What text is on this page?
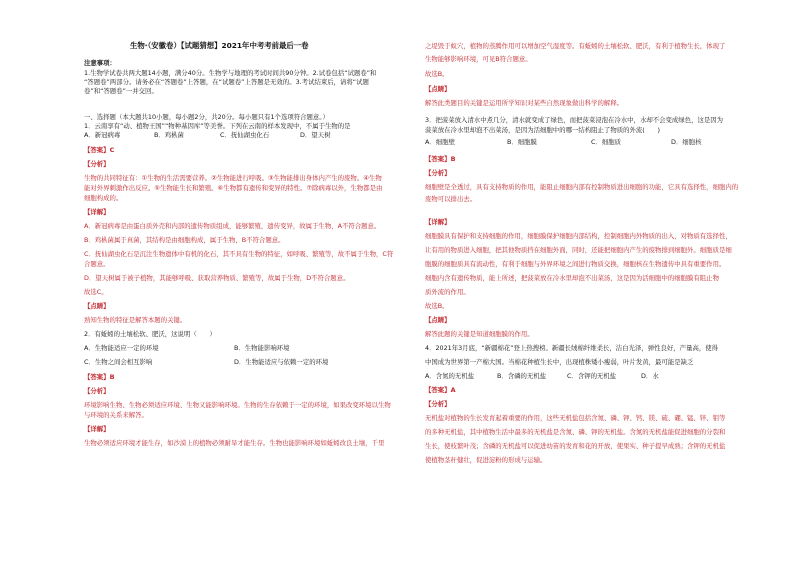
生物·（安徽卷）【试题猜想】2021年中考考前最后一卷
注意事项：
1.生物学试卷共两大题14小题，满分40分。生物学与地理的考试时间共90分钟。2.试卷包括“试题卷”和
“答题卷”两部分。请务必在“答题卷”上答题，在“试题卷”上答题是无效的。3.考试结束后，请将“试题
卷”和“答题卷”一并交回。
一、选择题（本大题共10小题，每小题2分，共20分。每小题只有1个选项符合题意。）
1．云南享有“动、植物王国”“物种基因库”等美誉。下列在云南的样本发现中，不属于生物的是
A．新冠病毒	B．鸡枞菌	C．抚仙湖虫化石	D．望天树
【答案】C
【分析】
生物的共同特征有：①生物的生活需要营养。②生物能进行呼吸。③生物能排出身体内产生的废物。④生物
能对外界刺激作出反应。⑤生物能生长和繁殖。⑥生物都有遗传和变异的特性。⑦除病毒以外，生物都是由
细胞构成的。
【详解】
A．新冠病毒是由蛋白质外壳和内部的遗传物质组成，能够繁殖，遗传变异，故属于生物，A不符合题意。
B．鸡枞菌属于真菌，其结构是由细胞构成，属于生物，B不符合题意。
C．抚仙湖虫化石是沉注生物遗体中有机的化石，其不具有生物的特征，如呼吸、繁殖等，故不属于生物，C符
合题意。
D．望天树属于被子植物，其能够呼吸、获取营养物质、繁殖等，故属于生物，D不符合题意。
故选C。
【点睛】
熟知生物的特征是解答本题的关键。
2．有蚯蚓的土壤松软、肥沃，这说明（　　）
A．生物能适应一定的环境	B．生物能影响环境
C．生物之间会相互影响	D．生物能适应与依赖一定的环境
【答案】B
【分析】
环境影响生物、生物必须适应环境、生物又能影响环境。生物的生存依赖于一定的环境，如果改变环境以生物
与环境的关系来解答。
【详解】
生物必须适应环境才能生存，如沙漠上的植物必须耐旱才能生存。生物也能影响环境如蚯蚓改良土壤，千里
之堤毁于蚁穴，植物的蒸腾作用可以增加空气湿度等。有蚯蚓的土壤松软、肥沃，有利于植物生长，体现了
生物能够影响环境，可见B符合题意。
故选B。
【点睛】
解答此类题目的关键是运用所学知识对某些自然现象做出科学的解释。
3．把菠菜放入清水中煮几分，清水就变成了绿色，而把菠菜浸泡在冷水中，水却不会变成绿色，这是因为
菠菜放在冷水里却泡不出菜汤，是因为活细胞中的哪一结构阻止了物质的外流(　　)
A．细胞壁	B．细胞膜	C．细胞质	D．细胞核
【答案】B
【分析】
细胞壁是全透过，具有支持物质的作用，能阻止细胞内部有控制物质进出细胞的功能，它具有选择性，细胞内的
废物可以排出去。
【详解】
细胞膜具有保护和支持细胞的作用，细胞膜保护细胞内部结构，控制细胞内外物质的出入，对物质有选择性，
让有用的物质进入细胞，把其他物质挡在细胞外面，同时，还能把细胞内产生的废物排到细胞外。细胞质是细
胞膜的细胞质具有流动性，有利于细胞与外界环境之间进行物质交换，细胞核在生物遗传中具有重要作用。
细胞内含有遗传物质，能上所述，把菠菜放在冷水里却泡不出菜汤，这是因为活细胞中的细胞膜有阻止物
质外流的作用。
故选B。
【点睛】
解答此题的关键是知道细胞膜的作用。
4．2021年3月底，“新疆棉花”登上热搜榜。新疆长绒棉纤维柔长，洁白光泽，弹性良好，产量高，使得
中国成为世界第一产棉大国。当棉花种植生长中，出现植株矮小瘦弱，叶片发黄，最可能是缺乏
A．含氮的无机盐	B．含磷的无机盐	C．含钾的无机盐	D．水
【答案】A
【分析】
无机盐对植物的生长发育起着重要的作用，这些无机盐包括含氮、磷、钾、钙、镁、硫、硼、锰、锌、钼等
的多种无机盐，其中植物生活中最多的无机盐是含氮、磷、钾的无机盐。含氮的无机盐能促进细胞的分裂和
生长，使枝繁叶茂；含磷的无机盐可以促进幼苗的发育和花的开放，使果实、种子提早成熟；含钾的无机盐
使植物茎秆健壮，促进淀粉的形成与运输。
